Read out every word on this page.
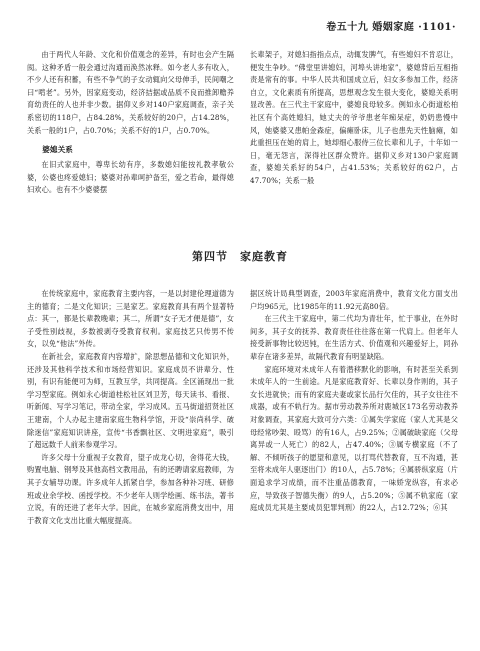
卷五十九 婚姻家庭 ·1101·

由于两代人年龄、文化和价值观念的差异，有时也会产生隔阂。这种矛盾一般会通过沟通而涣然冰释。如今老人多有收入，不少人还有积蓄，有些不争气的子女动辄向父母伸手，民间嘲之曰“啃老”。另外，因家庭变动，经济拮据或品质不良而推卸赡养育幼责任的人也并非少数。据仰义乡对140户家庭调查，亲子关系密切的118户，占84.28%，关系较好的20户，占14.28%，关系一般的1户，占0.70%；关系不好的1户，占0.70%。

婆媳关系

在旧式家庭中，尊卑长幼有序，多数媳妇能按礼教孝敬公婆，公婆也疼爱媳妇；婆婆对孙辈呵护备至，爱之若命，最得媳妇欢心。也有不少婆婆摆

长辈架子，对媳妇指指点点，动辄发脾气，有些媳妇不肯忍让，便发生争吵。“佛堂里讲媳妇，河埠头讲地家”，婆媳背后互相指责是常有的事。中华人民共和国成立后，妇女多参加工作，经济自立，文化素质有所提高，思想观念发生很大变化，婆媳关系明显改善。在三代主干家庭中，婆媳良母较多。例如永心街道松柏社区有个高姓媳妇，她丈夫的爷爷患老年痴呆症，奶奶患慢中风，她婆婆又患帕金森症，偏瘫卧床，儿子也患先天性脑瘫，如此重担压在她的肩上，她却细心服侍三位长辈和儿子，十年如一日，毫无怨言，深得社区群众赞许。据仰义乡对130户家庭调查，婆媳关系好的54户，占41.53%；关系较好的62户，占47.70%；关系一般

第四节 家庭教育

在传统家庭中，家庭教育主要内容，一是以封建伦理道德为主的德育；二是文化知识；三是家艺。家庭教育具有两个显著特点：其一，都是长辈教晚辈；其二，所谓“女子无才便是德”，女子受性别歧视，多数被剥夺受教育权利。家庭技艺只传男不传女，以免“他法”外传。

在新社会，家庭教育内容增扩，除思想品德和文化知识外，还涉及其他科学技术和市场经营知识。家庭成员不讲辈分、性别，有识有能便可为师，互教互学，共同提高。全区涌现出一批学习型家庭。例如永心街道桂松社区刘卫芳，每天读书、看报、听新闻、写学习笔记，带动全家，学习成风。五马街道招贤社区王建南，个人办起主建南家庭生物科学馆，开设“崇尚科学、破除迷信”家庭知识讲座，宣传“书香飘社区、文明进家庭”，吸引了超远数千人前来参观学习。

许多父母十分重视子女教育，望子成龙心切，舍得花大钱，购置电脑、钢琴及其他高档文教用品，有的还聘请家庭教师，为其子女辅导功课。许多成年人抓紧自学，参加各种补习班、研修班或业余学校、函授学校。不少老年人则学绘画、练书法，著书立说，有的还进了老年大学。因此，在城乡家庭消费支出中，用于教育文化支出比重大幅度提高。

据区统计局典型调查，2003年家庭消费中，教育文化方面支出户均965元，比1985年的11.92元高80倍。

在三代主干家庭中，第二代均为青壮年，忙于事业，在外时间多，其子女的抚养、教育责任往往落在第一代肩上。但老年人接受新事物比较迟钝，在生活方式、价值观和兴趣爱好上，同孙辈存在诸多差异，故隔代教育有明显缺陷。

家庭环境对未成年人有着潜移默化的影响，有时甚至关系到未成年人的一生前途。凡是家庭教育好、长辈以身作则的，其子女长进就快；而有的家庭夫妻或家长品行欠佳的，其子女往往不成器，或有不轨行为。据市劳动教养所对鹿城区173名劳动教养对象调查，其家庭大致可分六类：①属失学家庭（家人尤其是父母经常吵架、殴骂）的有16人，占9.25%；②属破缺家庭（父母离异或一人死亡）的82人，占47.40%；③属专横家庭（不了解、不倾听孩子的愿望和意见，以打骂代替教育，互不沟通，甚至将未成年人驱逐出门）的10人，占5.78%；④属骄纵家庭（片面追求学习成绩，而不注重品德教育，一味娇宠纵容，有求必应，导致孩子智德失衡）的9人，占5.20%；⑤属不轨家庭（家庭成员尤其是主要成员犯罪判刑）的22人，占12.72%；⑥其
